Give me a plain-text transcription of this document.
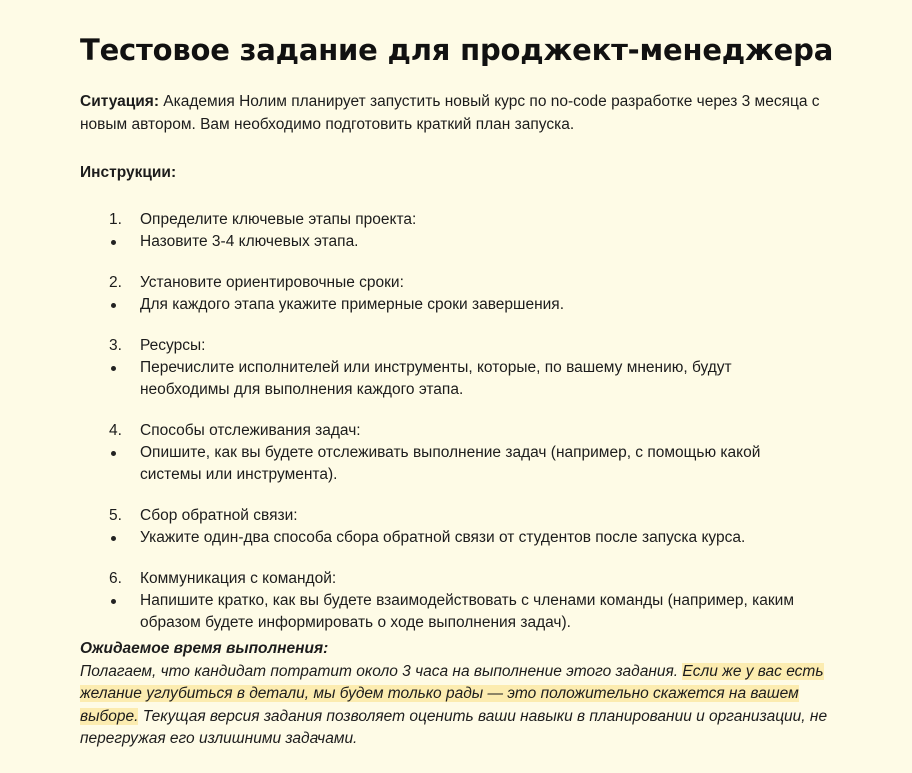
Тестовое задание для проджект-менеджера
Ситуация: Академия Нолим планирует запустить новый курс по no-code разработке через 3 месяца с новым автором. Вам необходимо подготовить краткий план запуска.
Инструкции:
1.	Определите ключевые этапы проекта:
Назовите 3-4 ключевых этапа.
2.	Установите ориентировочные сроки:
Для каждого этапа укажите примерные сроки завершения.
3.	Ресурсы:
Перечислите исполнителей или инструменты, которые, по вашему мнению, будут необходимы для выполнения каждого этапа.
4.	Способы отслеживания задач:
Опишите, как вы будете отслеживать выполнение задач (например, с помощью какой системы или инструмента).
5.	Сбор обратной связи:
Укажите один-два способа сбора обратной связи от студентов после запуска курса.
6.	Коммуникация с командой:
Напишите кратко, как вы будете взаимодействовать с членами команды (например, каким образом будете информировать о ходе выполнения задач).
Ожидаемое время выполнения:
Полагаем, что кандидат потратит около 3 часа на выполнение этого задания. Если же у вас есть желание углубиться в детали, мы будем только рады — это положительно скажется на вашем выборе. Текущая версия задания позволяет оценить ваши навыки в планировании и организации, не перегружая его излишними задачами.
